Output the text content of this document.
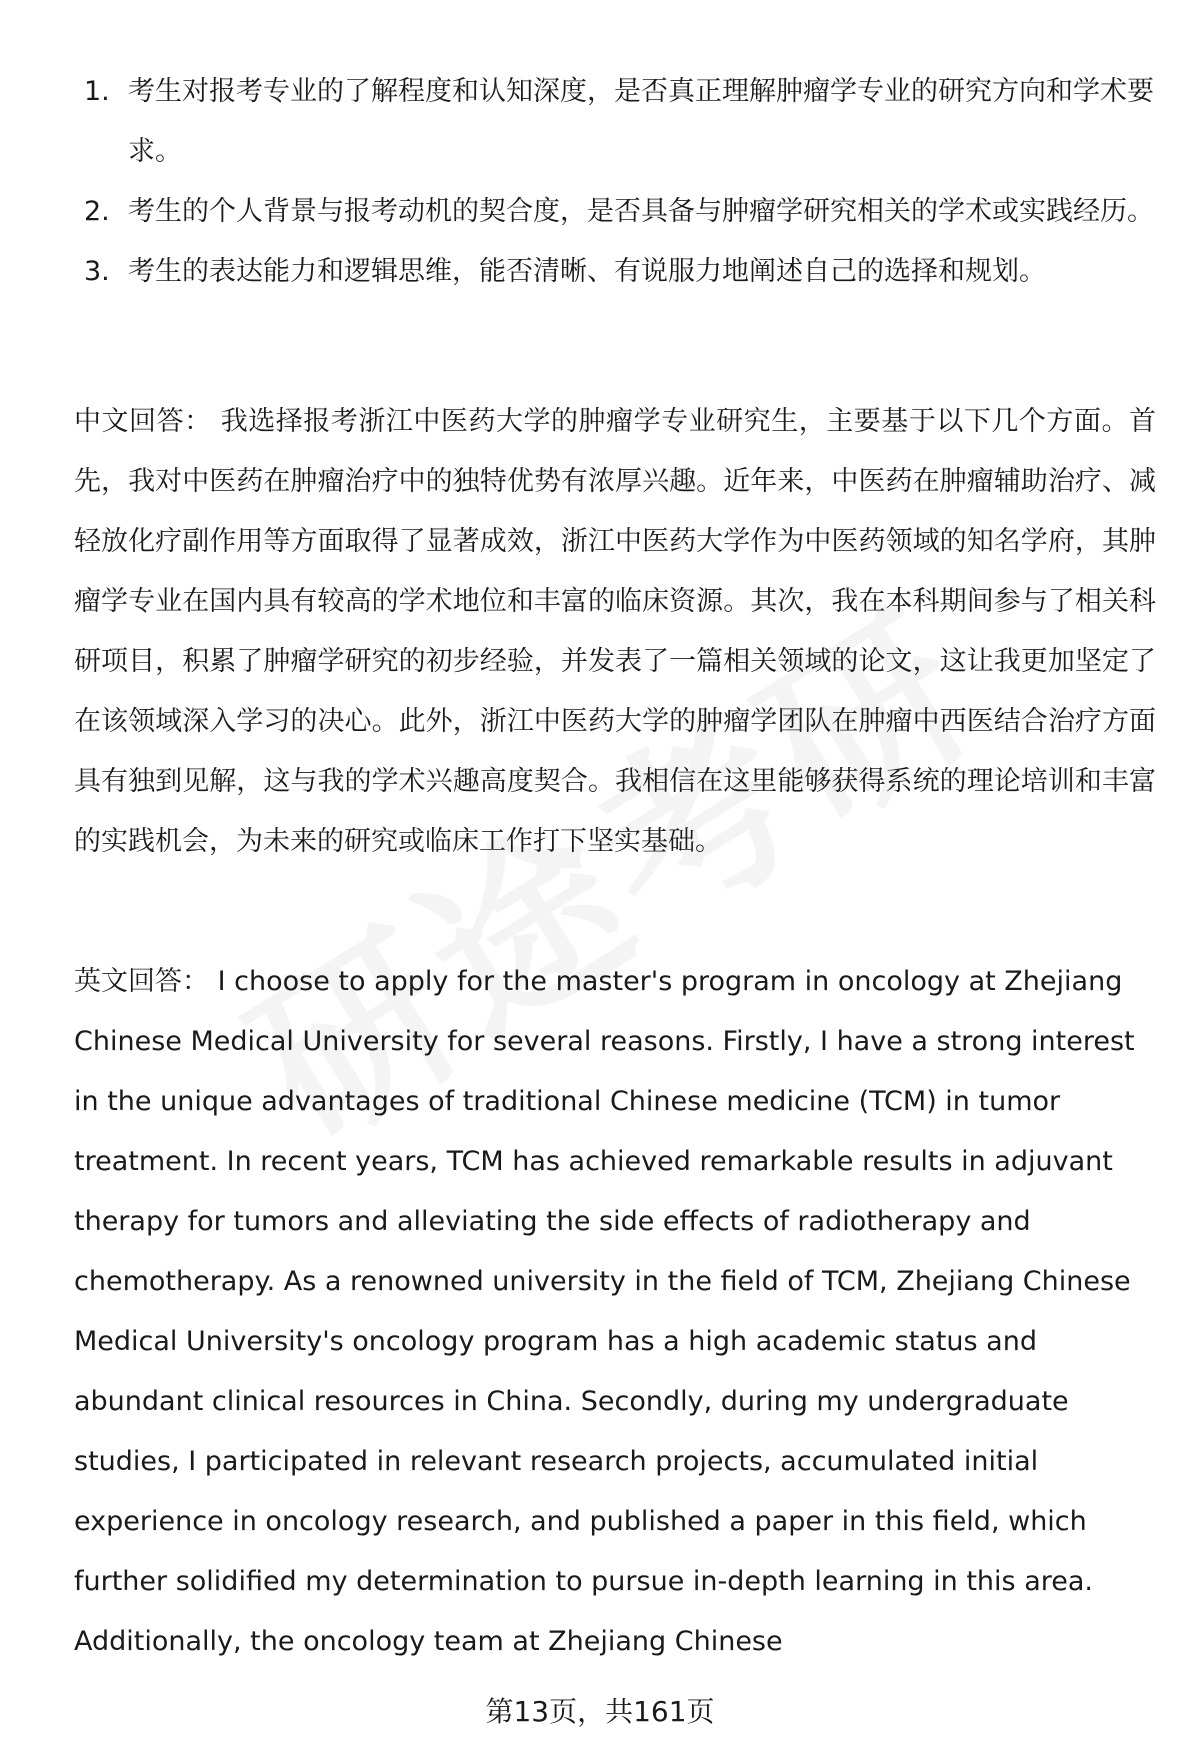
1. 考生对报考专业的了解程度和认知深度，是否真正理解肿瘤学专业的研究方向和学术要求。
2. 考生的个人背景与报考动机的契合度，是否具备与肿瘤学研究相关的学术或实践经历。
3. 考生的表达能力和逻辑思维，能否清晰、有说服力地阐述自己的选择和规划。

中文回答： 我选择报考浙江中医药大学的肿瘤学专业研究生，主要基于以下几个方面。首先，我对中医药在肿瘤治疗中的独特优势有浓厚兴趣。近年来，中医药在肿瘤辅助治疗、减轻放化疗副作用等方面取得了显著成效，浙江中医药大学作为中医药领域的知名学府，其肿瘤学专业在国内具有较高的学术地位和丰富的临床资源。其次，我在本科期间参与了相关科研项目，积累了肿瘤学研究的初步经验，并发表了一篇相关领域的论文，这让我更加坚定了在该领域深入学习的决心。此外，浙江中医药大学的肿瘤学团队在肿瘤中西医结合治疗方面具有独到见解，这与我的学术兴趣高度契合。我相信在这里能够获得系统的理论培训和丰富的实践机会，为未来的研究或临床工作打下坚实基础。

英文回答： I choose to apply for the master's program in oncology at Zhejiang Chinese Medical University for several reasons. Firstly, I have a strong interest in the unique advantages of traditional Chinese medicine (TCM) in tumor treatment. In recent years, TCM has achieved remarkable results in adjuvant therapy for tumors and alleviating the side effects of radiotherapy and chemotherapy. As a renowned university in the field of TCM, Zhejiang Chinese Medical University's oncology program has a high academic status and abundant clinical resources in China. Secondly, during my undergraduate studies, I participated in relevant research projects, accumulated initial experience in oncology research, and published a paper in this field, which further solidified my determination to pursue in-depth learning in this area. Additionally, the oncology team at Zhejiang Chinese

第13页，共161页
